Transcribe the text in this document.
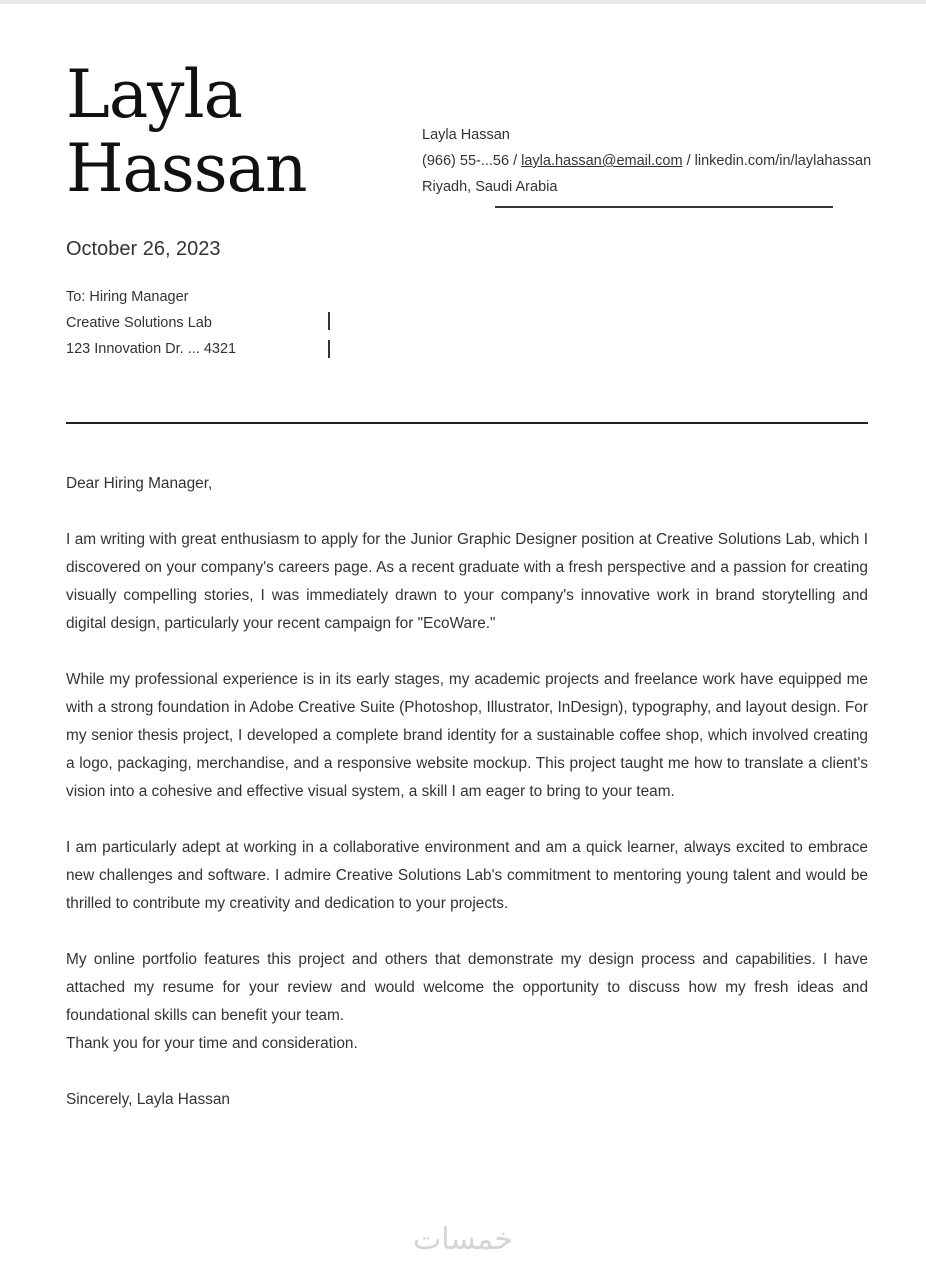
Layla
Hassan	Layla Hassan
(966) 55-...56 / layla.hassan@email.com / linkedin.com/in/laylahassan
Riyadh, Saudi Arabia
October 26, 2023
To: Hiring Manager
Creative Solutions Lab
123 Innovation Dr. ... 4321

Dear Hiring Manager,

I am writing with great enthusiasm to apply for the Junior Graphic Designer position at Creative Solutions Lab, which I discovered on your company's careers page. As a recent graduate with a fresh perspective and a passion for creating visually compelling stories, I was immediately drawn to your company's innovative work in brand storytelling and digital design, particularly your recent campaign for "EcoWare."

While my professional experience is in its early stages, my academic projects and freelance work have equipped me with a strong foundation in Adobe Creative Suite (Photoshop, Illustrator, InDesign), typography, and layout design. For my senior thesis project, I developed a complete brand identity for a sustainable coffee shop, which involved creating a logo, packaging, merchandise, and a responsive website mockup. This project taught me how to translate a client's vision into a cohesive and effective visual system, a skill I am eager to bring to your team.

I am particularly adept at working in a collaborative environment and am a quick learner, always excited to embrace new challenges and software. I admire Creative Solutions Lab's commitment to mentoring young talent and would be thrilled to contribute my creativity and dedication to your projects.

My online portfolio features this project and others that demonstrate my design process and capabilities. I have attached my resume for your review and would welcome the opportunity to discuss how my fresh ideas and foundational skills can benefit your team.

Thank you for your time and consideration.

Sincerely, Layla Hassan

خمسات
